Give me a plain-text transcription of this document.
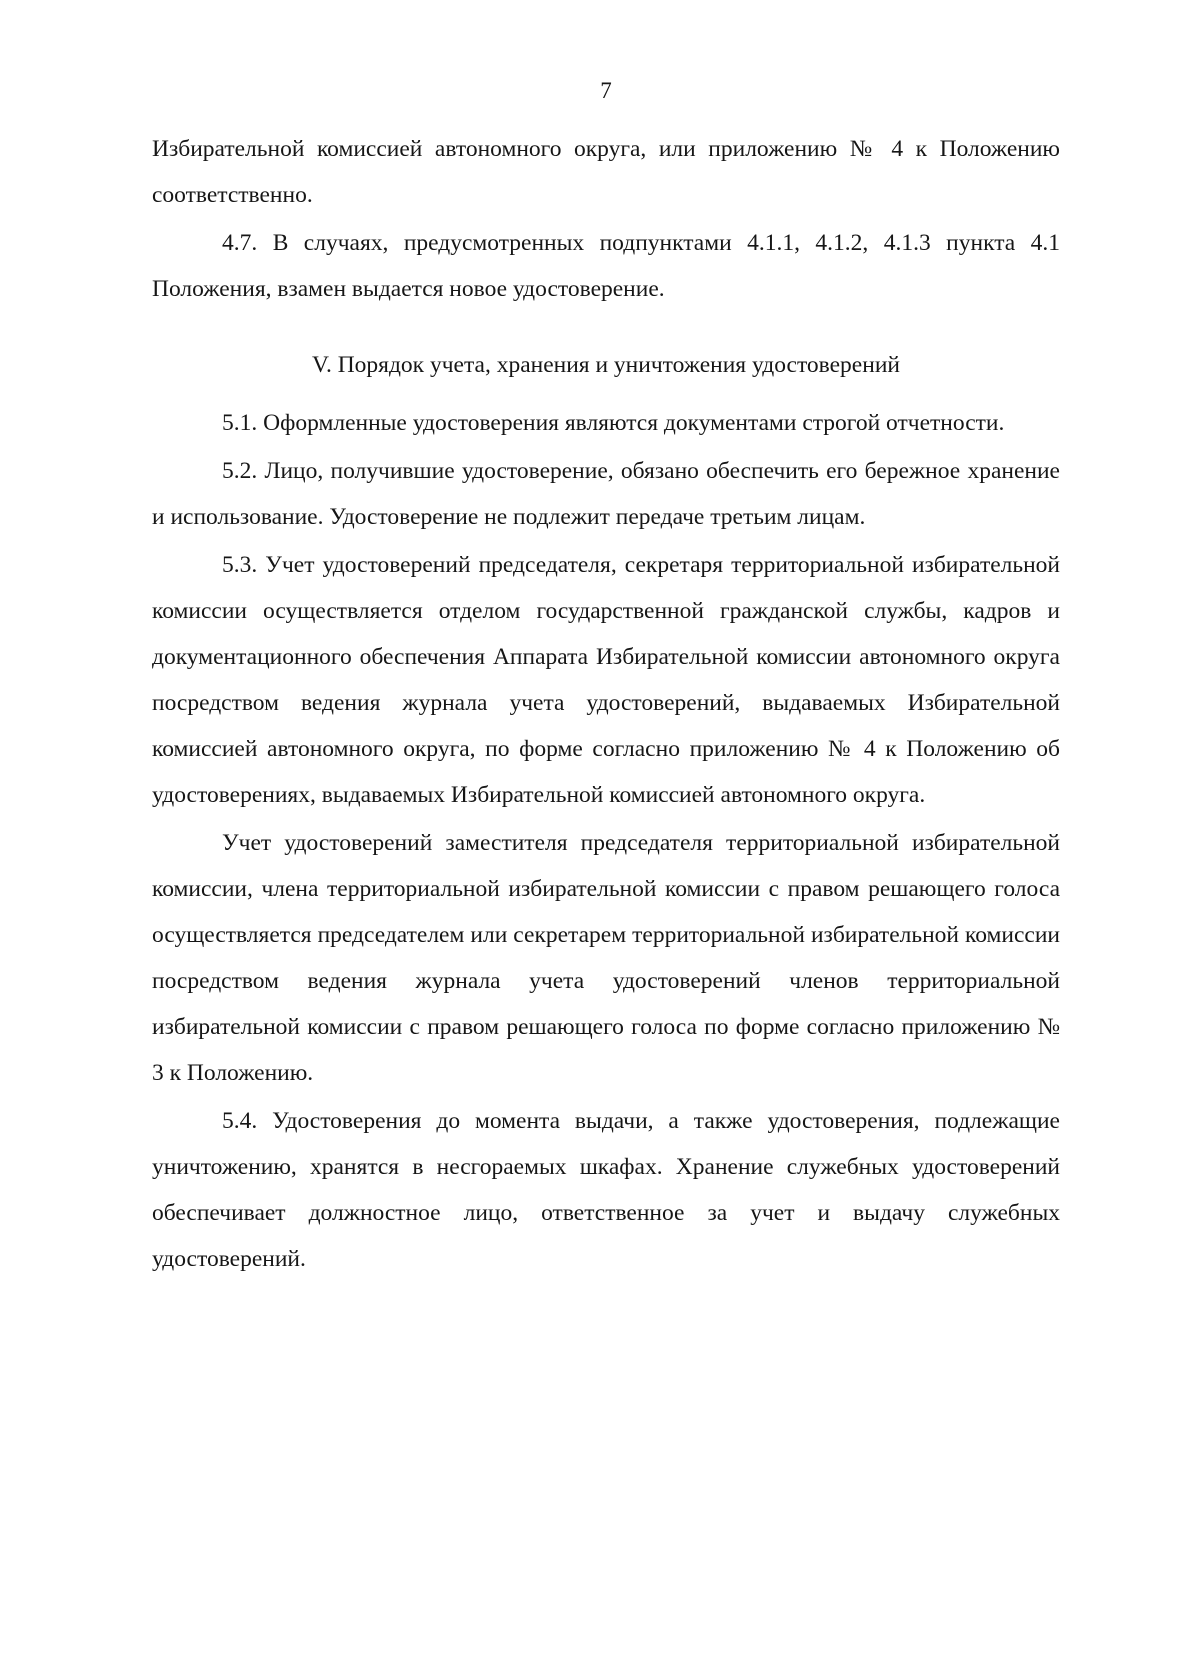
7

Избирательной комиссией автономного округа, или приложению № 4 к Положению соответственно.

4.7. В случаях, предусмотренных подпунктами 4.1.1, 4.1.2, 4.1.3 пункта 4.1 Положения, взамен выдается новое удостоверение.

V. Порядок учета, хранения и уничтожения удостоверений

5.1. Оформленные удостоверения являются документами строгой отчетности.

5.2. Лицо, получившие удостоверение, обязано обеспечить его бережное хранение и использование. Удостоверение не подлежит передаче третьим лицам.

5.3. Учет удостоверений председателя, секретаря территориальной избирательной комиссии осуществляется отделом государственной гражданской службы, кадров и документационного обеспечения Аппарата Избирательной комиссии автономного округа посредством ведения журнала учета удостоверений, выдаваемых Избирательной комиссией автономного округа, по форме согласно приложению № 4 к Положению об удостоверениях, выдаваемых Избирательной комиссией автономного округа.

Учет удостоверений заместителя председателя территориальной избирательной комиссии, члена территориальной избирательной комиссии с правом решающего голоса осуществляется председателем или секретарем территориальной избирательной комиссии посредством ведения журнала учета удостоверений членов территориальной избирательной комиссии с правом решающего голоса по форме согласно приложению № 3 к Положению.

5.4. Удостоверения до момента выдачи, а также удостоверения, подлежащие уничтожению, хранятся в несгораемых шкафах. Хранение служебных удостоверений обеспечивает должностное лицо, ответственное за учет и выдачу служебных удостоверений.
